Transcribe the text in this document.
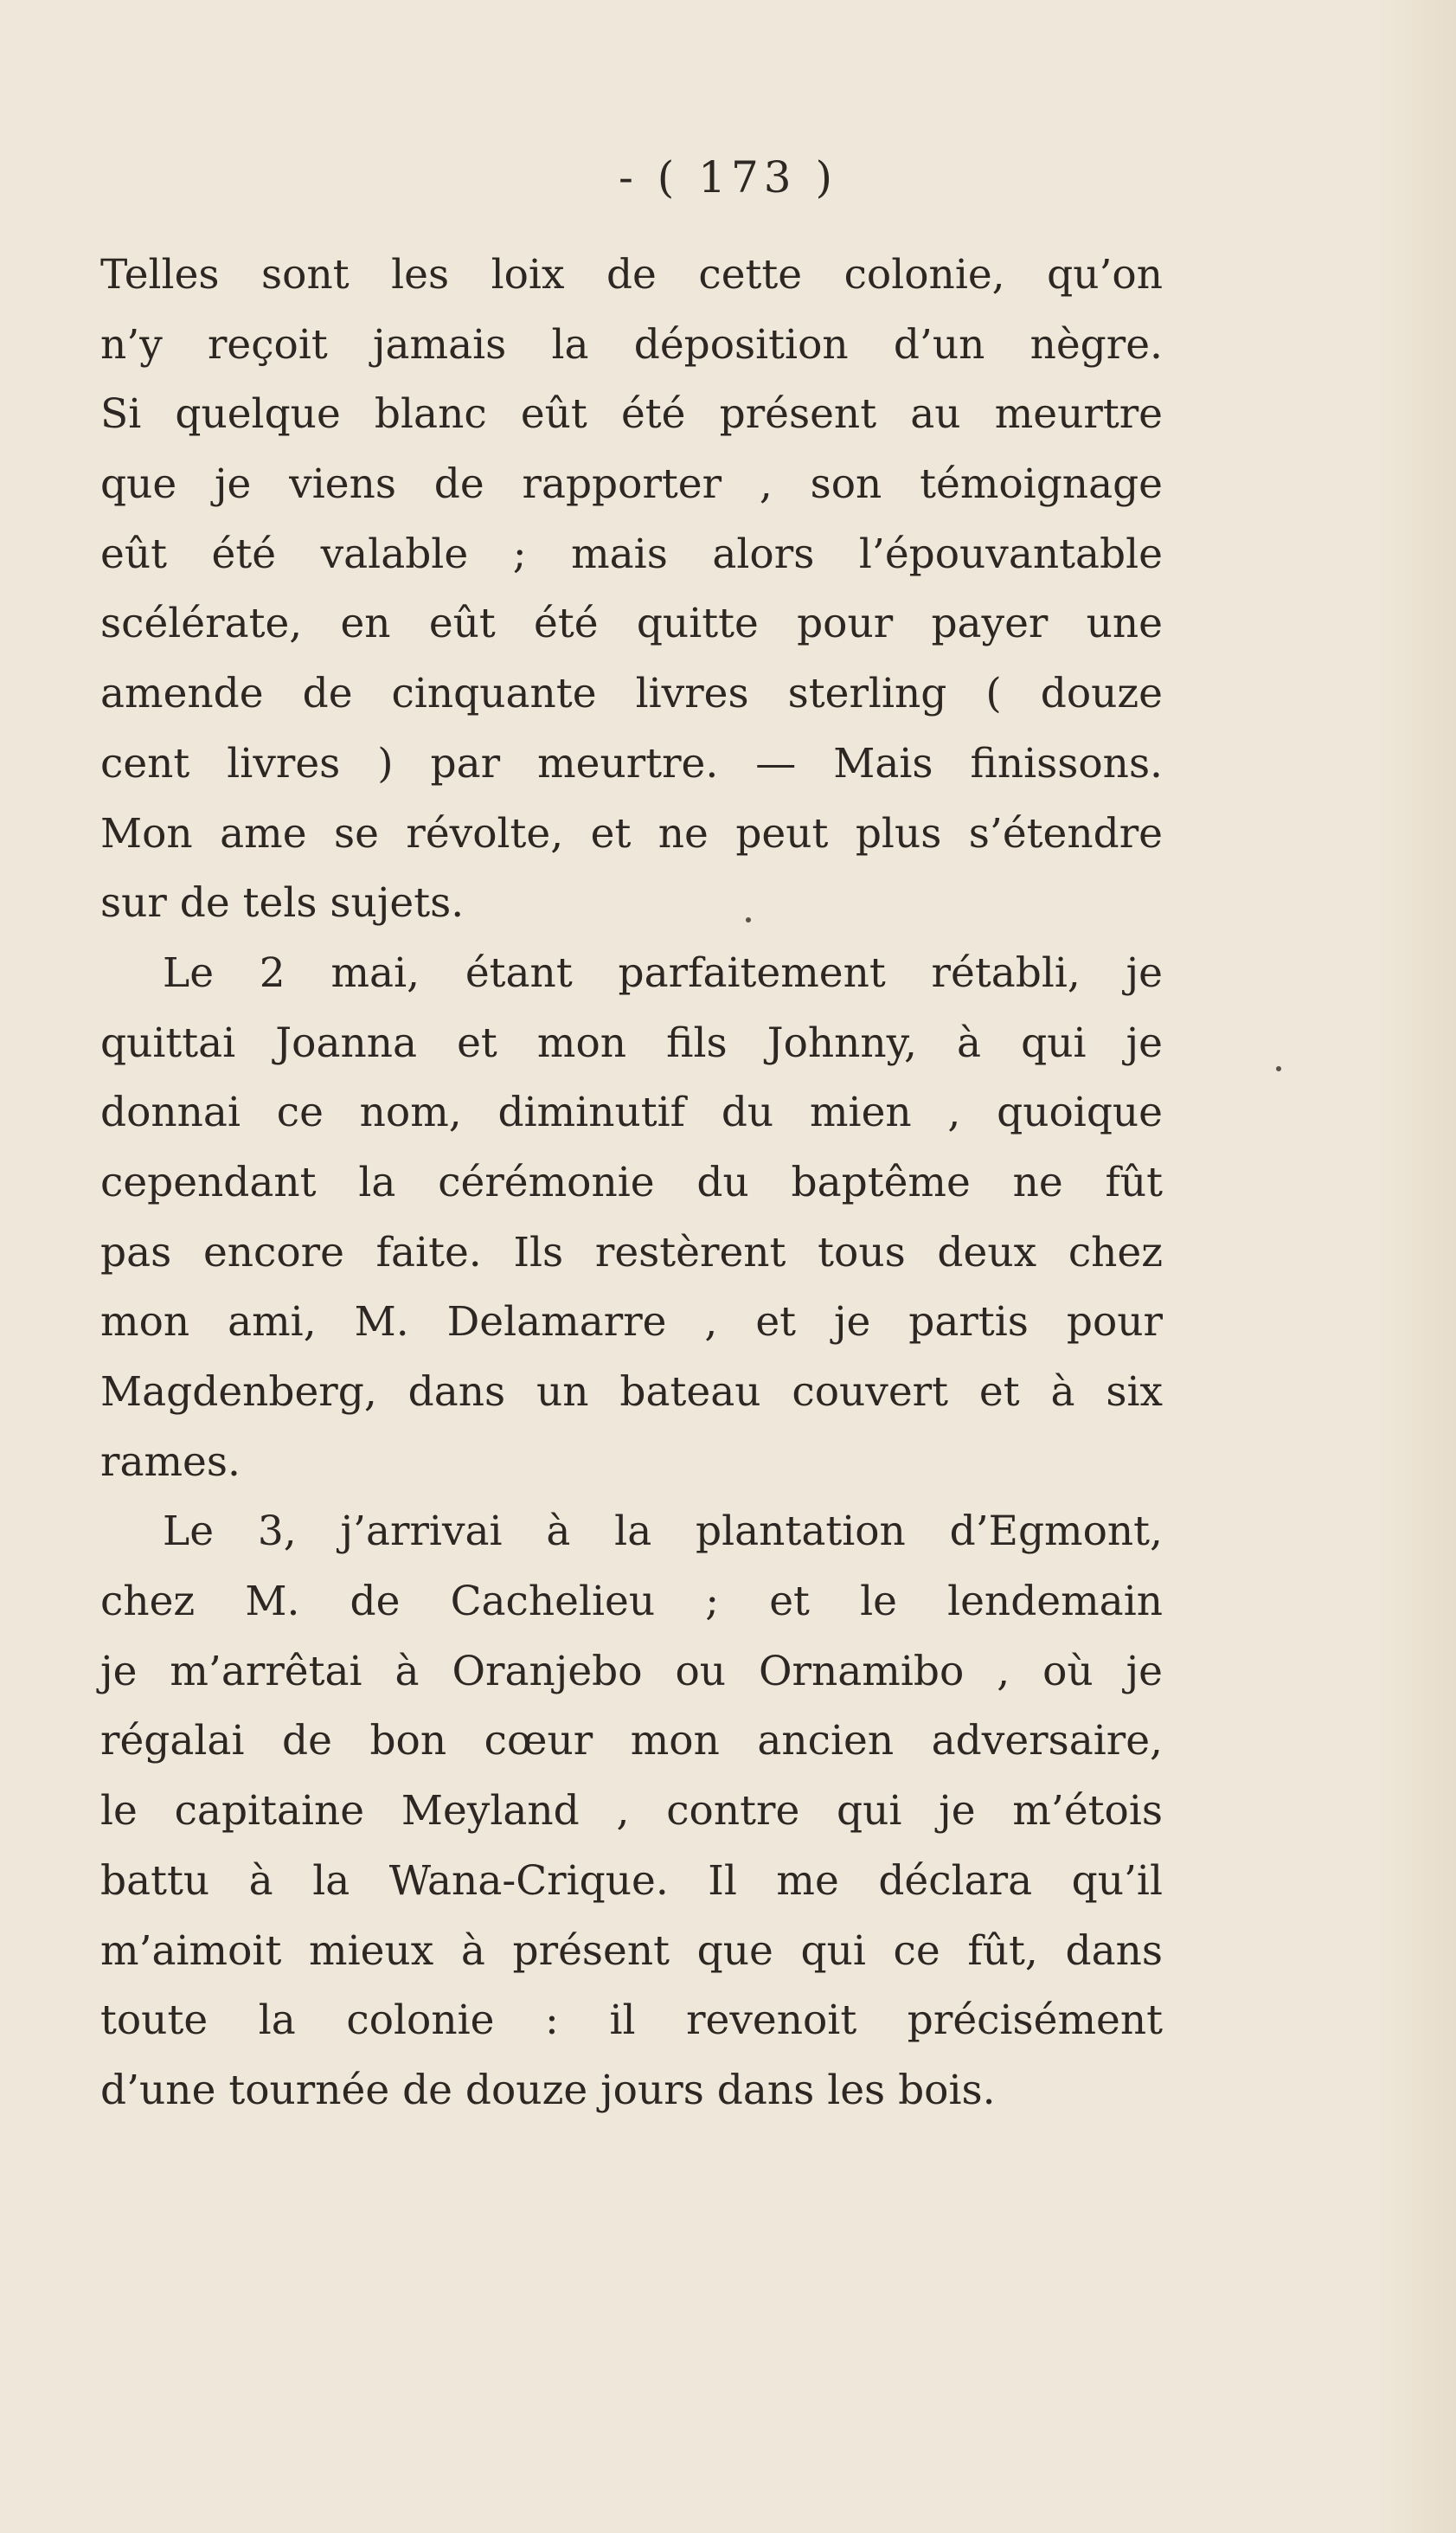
- ( 173 )
Telles sont les loix de cette colonie, qu’on
n’y reçoit jamais la déposition d’un nègre.
Si quelque blanc eût été présent au meurtre
que je viens de rapporter , son témoignage
eût été valable ; mais alors l’épouvantable
scélérate, en eût été quitte pour payer une
amende de cinquante livres sterling ( douze
cent livres ) par meurtre. — Mais finissons.
Mon ame se révolte, et ne peut plus s’étendre
sur de tels sujets.
Le 2 mai, étant parfaitement rétabli, je
quittai Joanna et mon fils Johnny, à qui je
donnai ce nom, diminutif du mien , quoique
cependant la cérémonie du baptême ne fût
pas encore faite. Ils restèrent tous deux chez
mon ami, M. Delamarre , et je partis pour
Magdenberg, dans un bateau couvert et à six
rames.
Le 3, j’arrivai à la plantation d’Egmont,
chez M. de Cachelieu ; et le lendemain
je m’arrêtai à Oranjebo ou Ornamibo , où je
régalai de bon cœur mon ancien adversaire,
le capitaine Meyland , contre qui je m’étois
battu à la Wana-Crique. Il me déclara qu’il
m’aimoit mieux à présent que qui ce fût, dans
toute la colonie : il revenoit précisément
d’une tournée de douze jours dans les bois.
